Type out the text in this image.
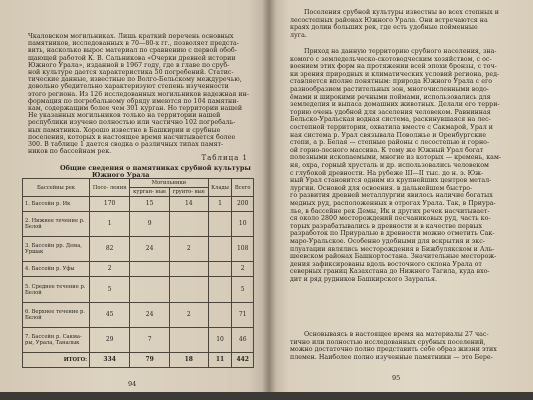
Чкаловском могильниках. Лишь краткий перечень основных
памятников, исследованных в 70—80-х гг., позволяет предста-
вить, насколько вырос материал по сравнению с первой обоб-
щающей работой К. В. Сальникова «Очерки древней истории
Южного Урала», изданной в 1967 году, где в главе по сруб-
ной культуре дается характеристика 50 погребений. Статис-
тические данные, известные по Волго-Бельскому междуречью,
довольно убедительно характеризуют степень изученности
этого региона. Из 126 исследованных могильников надежная ин-
формация по погребальному обряду имеются по 104 памятни-
кам, содержащим более чем 301 курган. Но территории нашей
Не указанных могильников только на территории нашей
республики изучено полностью или частично 102 погребаль-
ных памятника. Хорошо известно в Башкирии и срубные
поселения, которых в настоящее время насчитывается более
300. В таблице 1 дается сводка о различных типах памят-
ников по бассейнам рек.
Таблица 1
Общие сведения о памятниках срубной культуры
Южного Урала
Бассейны рек	Посе- ления	Могильники		Клады	Всего
		курган- ные	грунто- вые		
1. Бассейн р. Ик	170	15	14	1	200
2. Нижнее течение р. Белой	1	9			10
3. Бассейн pp. Дема, Уршак	82	24	2		108
4. Бассейн р. Уфы	2				2
5. Среднее течение р. Белой	5				5
6. Верхнее течение р. Белой	45	24	2		71
7. Бассейн р. Сакма- ры, Урала, Таналык	29	7		10	46
ИТОГО:	334	79	18	11	442
94
Поселения срубной культуры известны во всех степных и
лесостепных районах Южного Урала. Они встречаются на
краях долин больших рек, где есть удобные пойменные
луга.
Приход на данную территорию срубного населения, зна-
комого с земледельческо-скотоводческим хозяйством, с ос-
воением этих форм на протяжении всей эпохи бронзы, с точ-
ки зрения природных и климатических условий региона, ред-
ставляется вполне понятным: природа Южного Урала с его
разнообразием растительных зон, многочисленными водо-
ёмами и широкими речными поймами, использовались для
земледелия и выпаса домашних животных. Делали его терри-
торию очень удобной для заселения человеком. Равнинная
Бельско-Уральская водная система, раскинувшаяся на лес-
состепной территории, охватила вместе с Сакмарой, Урал и
ная система р. Урал связывала Поволжье и Оренбургские
степи, а р. Белая — степные районы с лесостепью и горно-
ой горно-лесного массива. К тому же Южный Урал богат
полезными ископаемыми, многие из которых — кремень, кам-
ня, охра, горный хрусталь и др. использовались человеком
с глубокой древности. На рубеже III—II тыс. до н. э. Юж-
ный Урал становится одним из крупнейших центров метал-
лургии. Основой для освоения. в дальнейшем быстро-
го развития древней металлургии явилось наличие богатых
медных руд, расположенных в отрогах Урала. Так, в Приура-
лье, в бассейне рек Демы, Ик и других речек насчитывает-
ся около 2800 месторождений песчаниковых руд, часть ко-
торых разрабатывались в древности и в качестве первых
разработок по Приуралью в древности можно отметить Сак-
маро-Уральское. Особенно удобными для вскрытия и экс-
плуатации являлись месторождения в Бижбулякском и Аль-
шеевском районах Башкортостана. Значительные месторож-
дения зафиксированы вдоль восточного склона Урала от
северных границ Казахстана до Нижнего Тагила, куда вхо-
дит и ряд рудников Башкирского Зауралья.
Основываясь в настоящее время на материалы 27 час-
тично или полностью исследованных срубных поселений,
можно достаточно полно представить себе образ жизни этих
племен. Наиболее полно изученные памятники — это Бере-
95
